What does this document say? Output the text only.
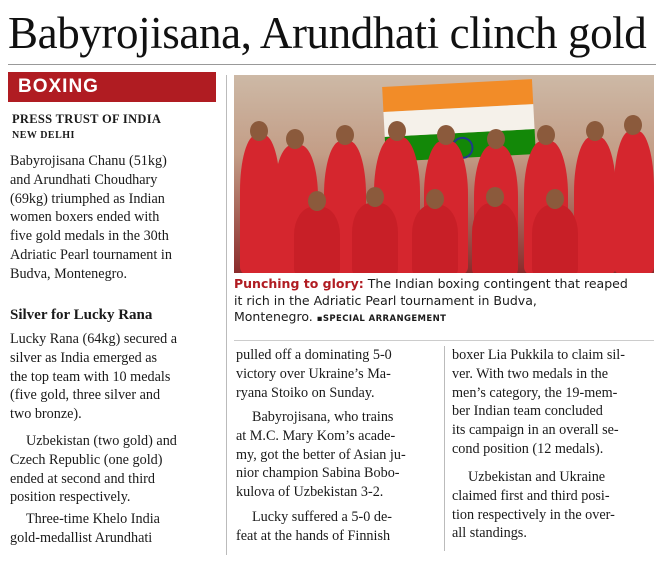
Babyrojisana, Arundhati clinch gold
BOXING
PRESS TRUST OF INDIA
NEW DELHI
Babyrojisana Chanu (51kg)
and Arundhati Choudhary
(69kg) triumphed as Indian
women boxers ended with
five gold medals in the 30th
Adriatic Pearl tournament in
Budva, Montenegro.
Silver for Lucky Rana
Lucky Rana (64kg) secured a
silver as India emerged as
the top team with 10 medals
(five gold, three silver and
two bronze).
Uzbekistan (two gold) and
Czech Republic (one gold)
ended at second and third
position respectively.
Three-time Khelo India
gold-medallist Arundhati
Punching to glory: The Indian boxing contingent that reaped
it rich in the Adriatic Pearl tournament in Budva,
Montenegro. ▪SPECIAL ARRANGEMENT
pulled off a dominating 5-0
victory over Ukraine’s Ma-
ryana Stoiko on Sunday.
Babyrojisana, who trains
at M.C. Mary Kom’s acade-
my, got the better of Asian ju-
nior champion Sabina Bobo-
kulova of Uzbekistan 3-2.
Lucky suffered a 5-0 de-
feat at the hands of Finnish
boxer Lia Pukkila to claim sil-
ver. With two medals in the
men’s category, the 19-mem-
ber Indian team concluded
its campaign in an overall se-
cond position (12 medals).
Uzbekistan and Ukraine
claimed first and third posi-
tion respectively in the over-
all standings.
